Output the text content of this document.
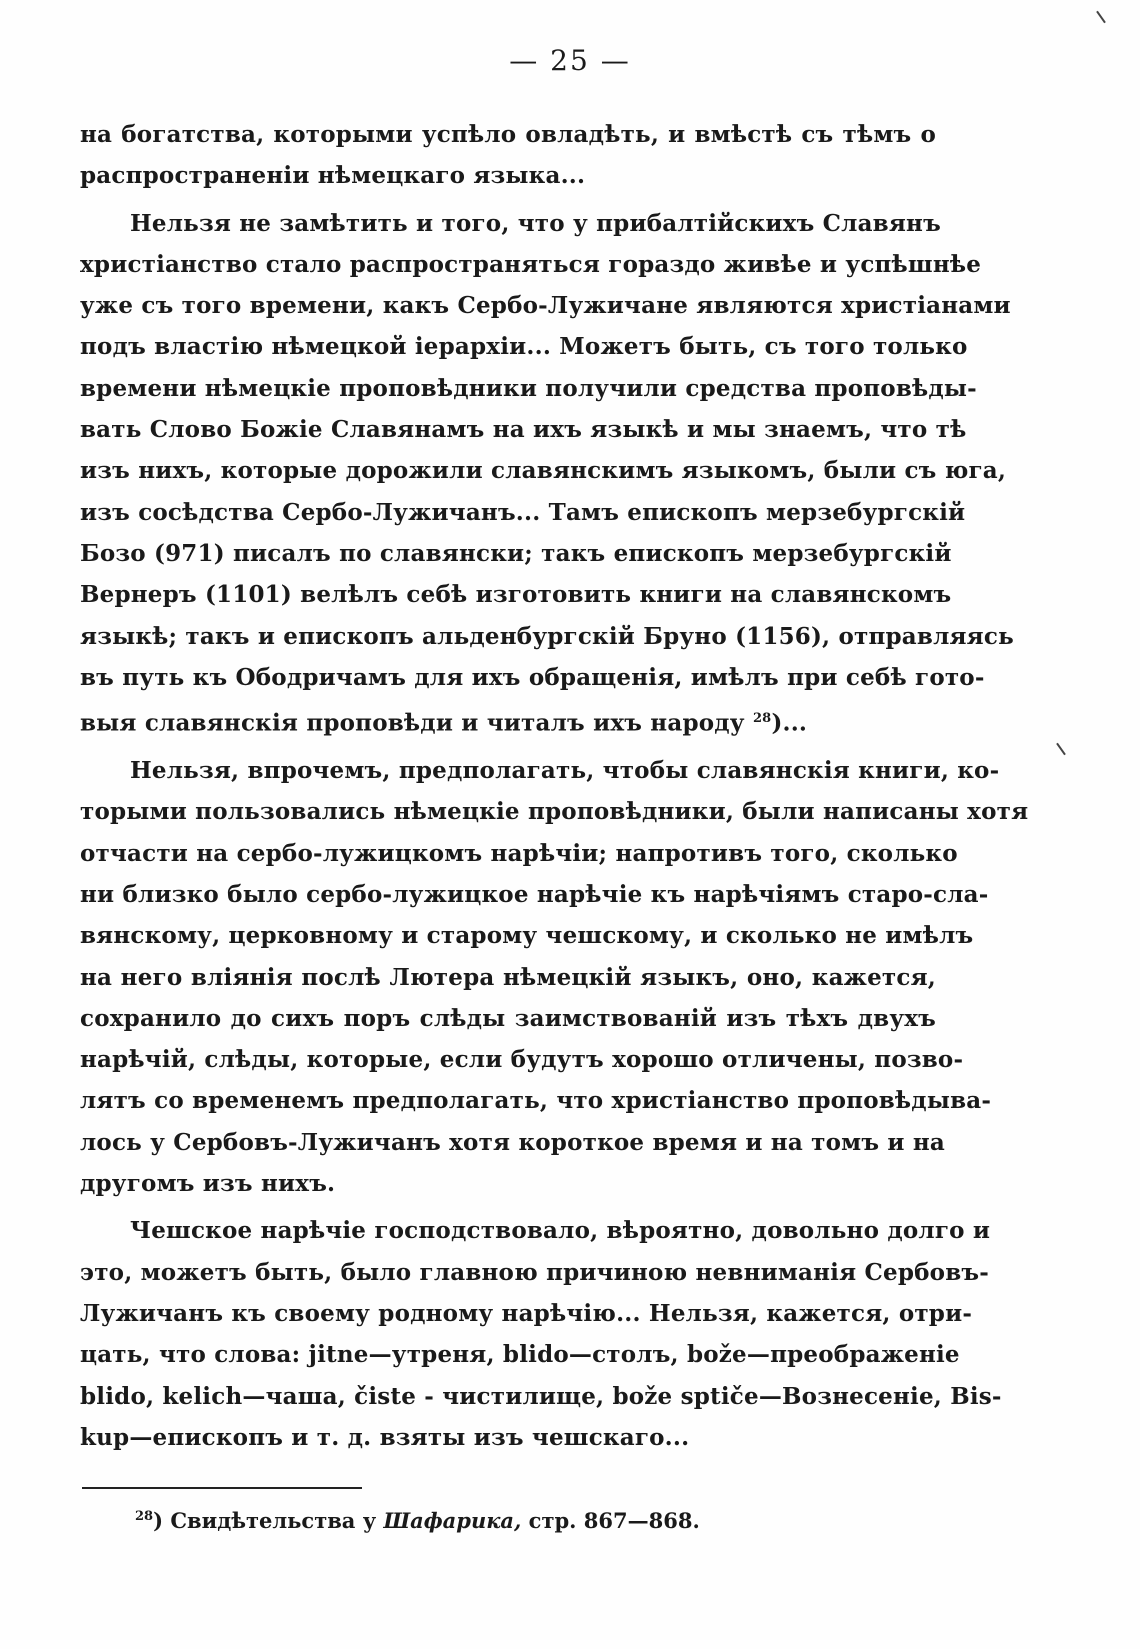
— 25 —
на богатства, которыми успѣло овладѣть, и вмѣстѣ съ тѣмъ о
распространеніи нѣмецкаго языка...
Нельзя не замѣтить и того, что у прибалтійскихъ Славянъ
христіанство стало распространяться гораздо живѣе и успѣшнѣе
уже съ того времени, какъ Сербо-Лужичане являются христіанами
подъ властію нѣмецкой іерархіи... Можетъ быть, съ того только
времени нѣмецкіе проповѣдники получили средства проповѣды-
вать Слово Божіе Славянамъ на ихъ языкѣ и мы знаемъ, что тѣ
изъ нихъ, которые дорожили славянскимъ языкомъ, были съ юга,
изъ сосѣдства Сербо-Лужичанъ... Тамъ епископъ мерзебургскій
Бозо (971) писалъ по славянски; такъ епископъ мерзебургскій
Вернеръ (1101) велѣлъ себѣ изготовить книги на славянскомъ
языкѣ; такъ и епископъ альденбургскій Бруно (1156), отправляясь
въ путь къ Ободричамъ для ихъ обращенія, имѣлъ при себѣ гото-
выя славянскія проповѣди и читалъ ихъ народу $^{28}$)...
Нельзя, впрочемъ, предполагать, чтобы славянскія книги, ко-
торыми пользовались нѣмецкіе проповѣдники, были написаны хотя
отчасти на сербо-лужицкомъ нарѣчіи; напротивъ того, сколько
ни близко было сербо-лужицкое нарѣчіе къ нарѣчіямъ старо-сла-
вянскому, церковному и старому чешскому, и сколько не имѣлъ
на него вліянія послѣ Лютера нѣмецкій языкъ, оно, кажется,
сохранило до сихъ поръ слѣды заимствованій изъ тѣхъ двухъ
нарѣчій, слѣды, которые, если будутъ хорошо отличены, позво-
лятъ со временемъ предполагать, что христіанство проповѣдыва-
лось у Сербовъ-Лужичанъ хотя короткое время и на томъ и на
другомъ изъ нихъ.
Чешское нарѣчіе господствовало, вѣроятно, довольно долго и
это, можетъ быть, было главною причиною невниманія Сербовъ-
Лужичанъ къ своему родному нарѣчію... Нельзя, кажется, отри-
цать, что слова: jitne—утреня, blido—столъ, bože—преображеніе
blido, kelich—чаша, čiste - чистилище, bože sptiče—Вознесеніе, Bis-
kup—епископъ и т. д. взяты изъ чешскаго...
$^{28}$) Свидѣтельства у Шафарика, стр. 867—868.
